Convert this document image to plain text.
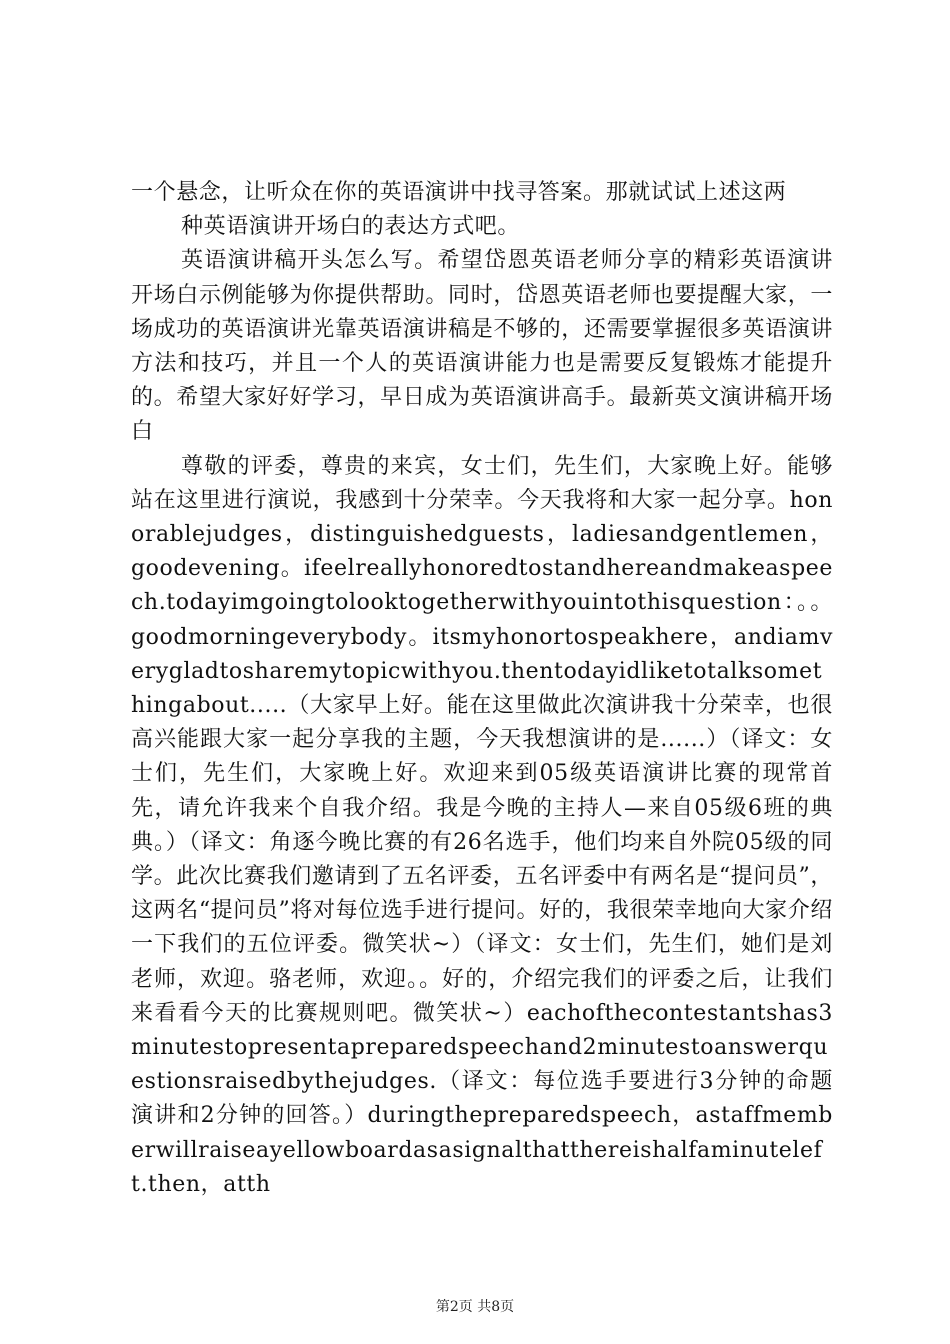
一个悬念，让听众在你的英语演讲中找寻答案。那就试试上述这两

种英语演讲开场白的表达方式吧。

英语演讲稿开头怎么写。希望岱恩英语老师分享的精彩英语演讲开场白示例能够为你提供帮助。同时，岱恩英语老师也要提醒大家，一场成功的英语演讲光靠英语演讲稿是不够的，还需要掌握很多英语演讲方法和技巧，并且一个人的英语演讲能力也是需要反复锻炼才能提升的。希望大家好好学习，早日成为英语演讲高手。最新英文演讲稿开场白

尊敬的评委，尊贵的来宾，女士们，先生们，大家晚上好。能够站在这里进行演说，我感到十分荣幸。今天我将和大家一起分享。honorablejudges，distinguishedguests，ladiesandgentlemen，goodevening。ifeelreallyhonoredtostandhereandmakeaspeech.todayimgoingtolooktogetherwithyouintothisquestion：。。goodmorningeverybody。itsmyhonortospeakhere，andiamverygladtosharemytopicwithyou.thentodayidliketotalksomethingabout.....（大家早上好。能在这里做此次演讲我十分荣幸，也很高兴能跟大家一起分享我的主题，今天我想演讲的是......）（译文：女士们，先生们，大家晚上好。欢迎来到05级英语演讲比赛的现常首先，请允许我来个自我介绍。我是今晚的主持人—来自05级6班的典典。）（译文：角逐今晚比赛的有26名选手，他们均来自外院05级的同学。此次比赛我们邀请到了五名评委，五名评委中有两名是“提问员”，这两名“提问员”将对每位选手进行提问。好的，我很荣幸地向大家介绍一下我们的五位评委。微笑状~）（译文：女士们，先生们，她们是刘老师，欢迎。骆老师，欢迎。。好的，介绍完我们的评委之后，让我们来看看今天的比赛规则吧。微笑状~）eachofthecontestantshas3minutestopresentapreparedspeechand2minutestoanswerquestionsraisedbythejudges.（译文：每位选手要进行3分钟的命题演讲和2分钟的回答。）duringthepreparedspeech，astaffmemberwillraiseayellowboardasasignalthatthereishalfaminuteleft.then，atth

第2页 共8页
